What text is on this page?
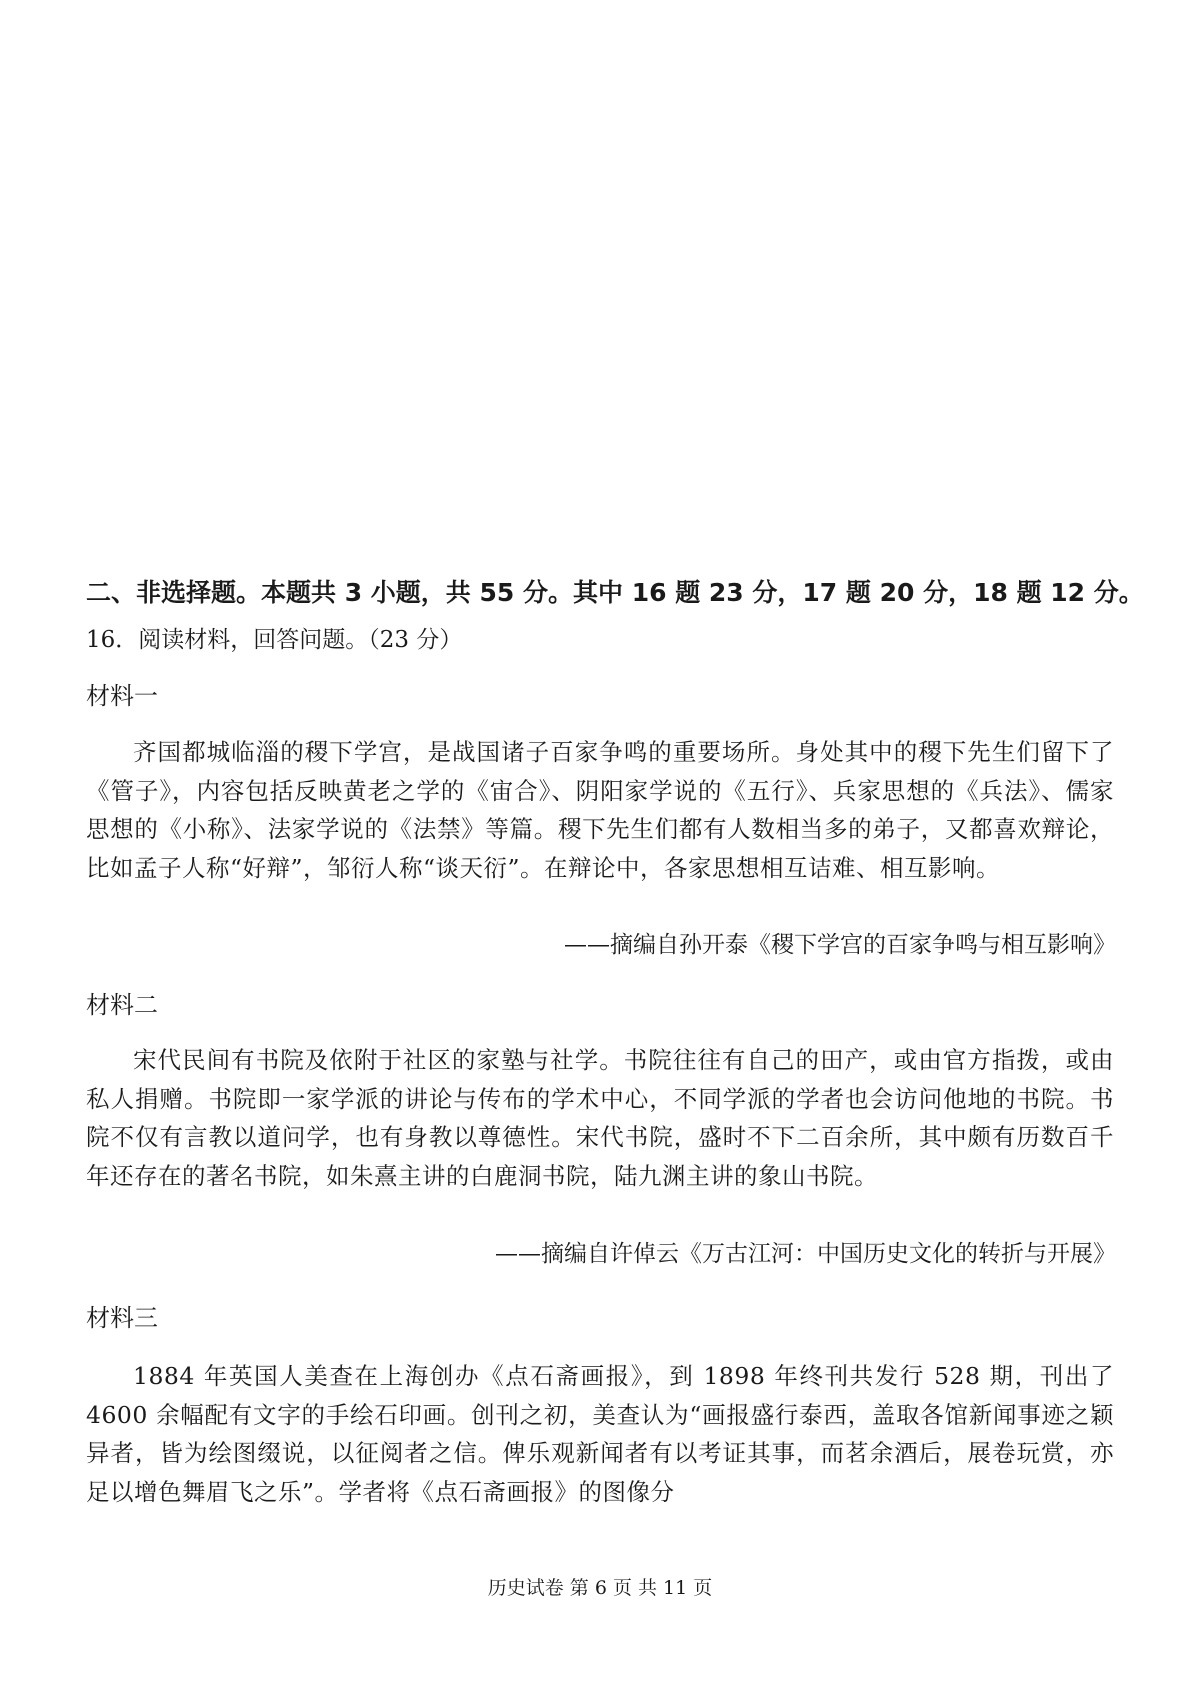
二、非选择题。本题共 3 小题，共 55 分。其中 16 题 23 分，17 题 20 分，18 题 12 分。
16．阅读材料，回答问题。（23 分）
材料一

齐国都城临淄的稷下学宫，是战国诸子百家争鸣的重要场所。身处其中的稷下先生们留下了《管子》，内容包括反映黄老之学的《宙合》、阴阳家学说的《五行》、兵家思想的《兵法》、儒家思想的《小称》、法家学说的《法禁》等篇。稷下先生们都有人数相当多的弟子，又都喜欢辩论，比如孟子人称“好辩”，邹衍人称“谈天衍”。在辩论中，各家思想相互诘难、相互影响。

——摘编自孙开泰《稷下学宫的百家争鸣与相互影响》
材料二

宋代民间有书院及依附于社区的家塾与社学。书院往往有自己的田产，或由官方指拨，或由私人捐赠。书院即一家学派的讲论与传布的学术中心，不同学派的学者也会访问他地的书院。书院不仅有言教以道问学，也有身教以尊德性。宋代书院，盛时不下二百余所，其中颇有历数百千年还存在的著名书院，如朱熹主讲的白鹿洞书院，陆九渊主讲的象山书院。

——摘编自许倬云《万古江河：中国历史文化的转折与开展》
材料三

1884 年英国人美查在上海创办《点石斋画报》，到 1898 年终刊共发行 528 期，刊出了 4600 余幅配有文字的手绘石印画。创刊之初，美查认为“画报盛行泰西，盖取各馆新闻事迹之颖异者，皆为绘图缀说，以征阅者之信。俾乐观新闻者有以考证其事，而茗余酒后，展卷玩赏，亦足以增色舞眉飞之乐”。学者将《点石斋画报》的图像分

历史试卷 第 6 页 共 11 页
